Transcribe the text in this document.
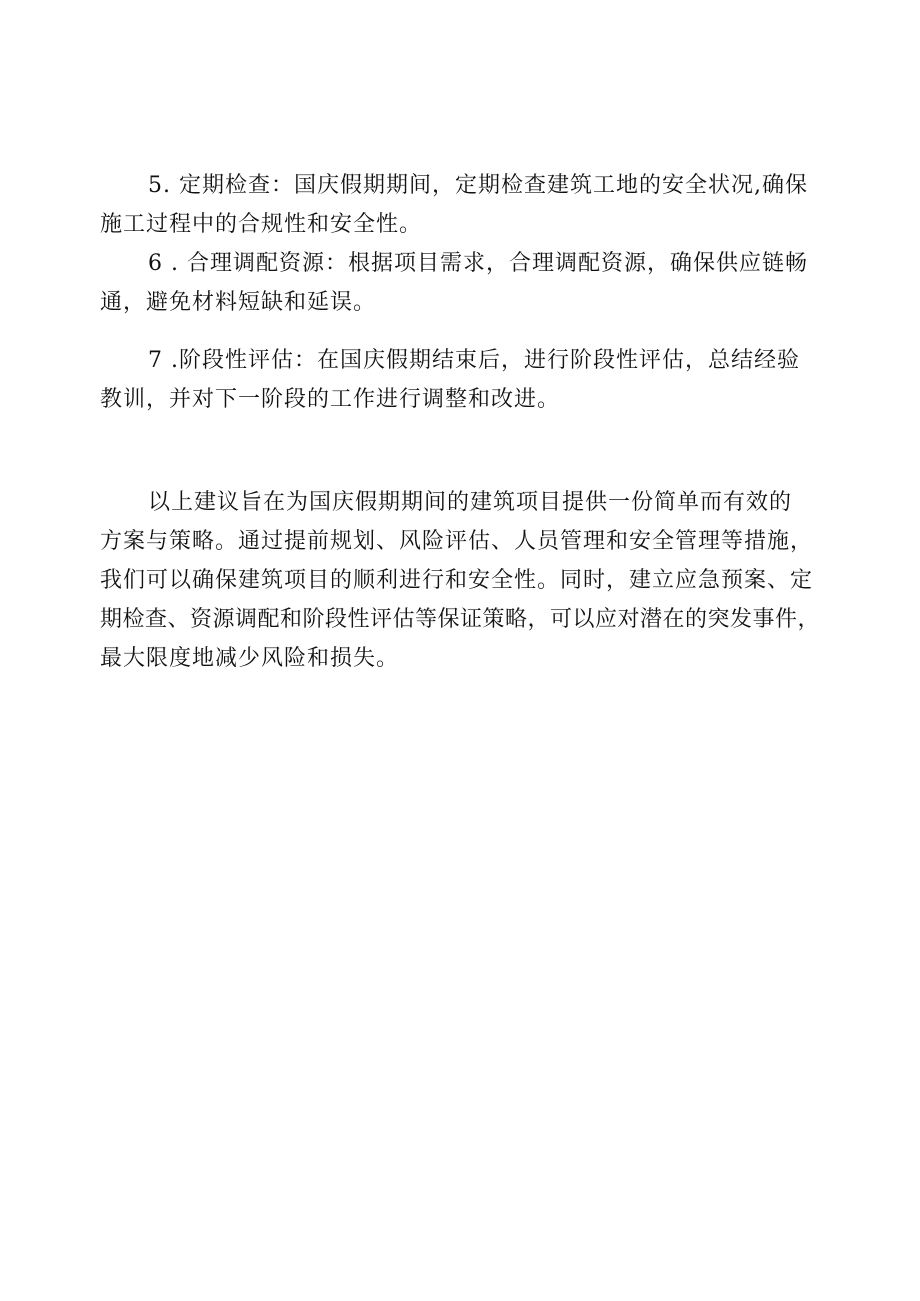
5. 定期检查：国庆假期期间，定期检查建筑工地的安全状况,确保
施工过程中的合规性和安全性。

6 . 合理调配资源：根据项目需求，合理调配资源，确保供应链畅
通，避免材料短缺和延误。

7 .阶段性评估：在国庆假期结束后，进行阶段性评估，总结经验
教训，并对下一阶段的工作进行调整和改进。

以上建议旨在为国庆假期期间的建筑项目提供一份简单而有效的
方案与策略。通过提前规划、风险评估、人员管理和安全管理等措施，
我们可以确保建筑项目的顺利进行和安全性。同时，建立应急预案、定
期检查、资源调配和阶段性评估等保证策略，可以应对潜在的突发事件，
最大限度地减少风险和损失。
